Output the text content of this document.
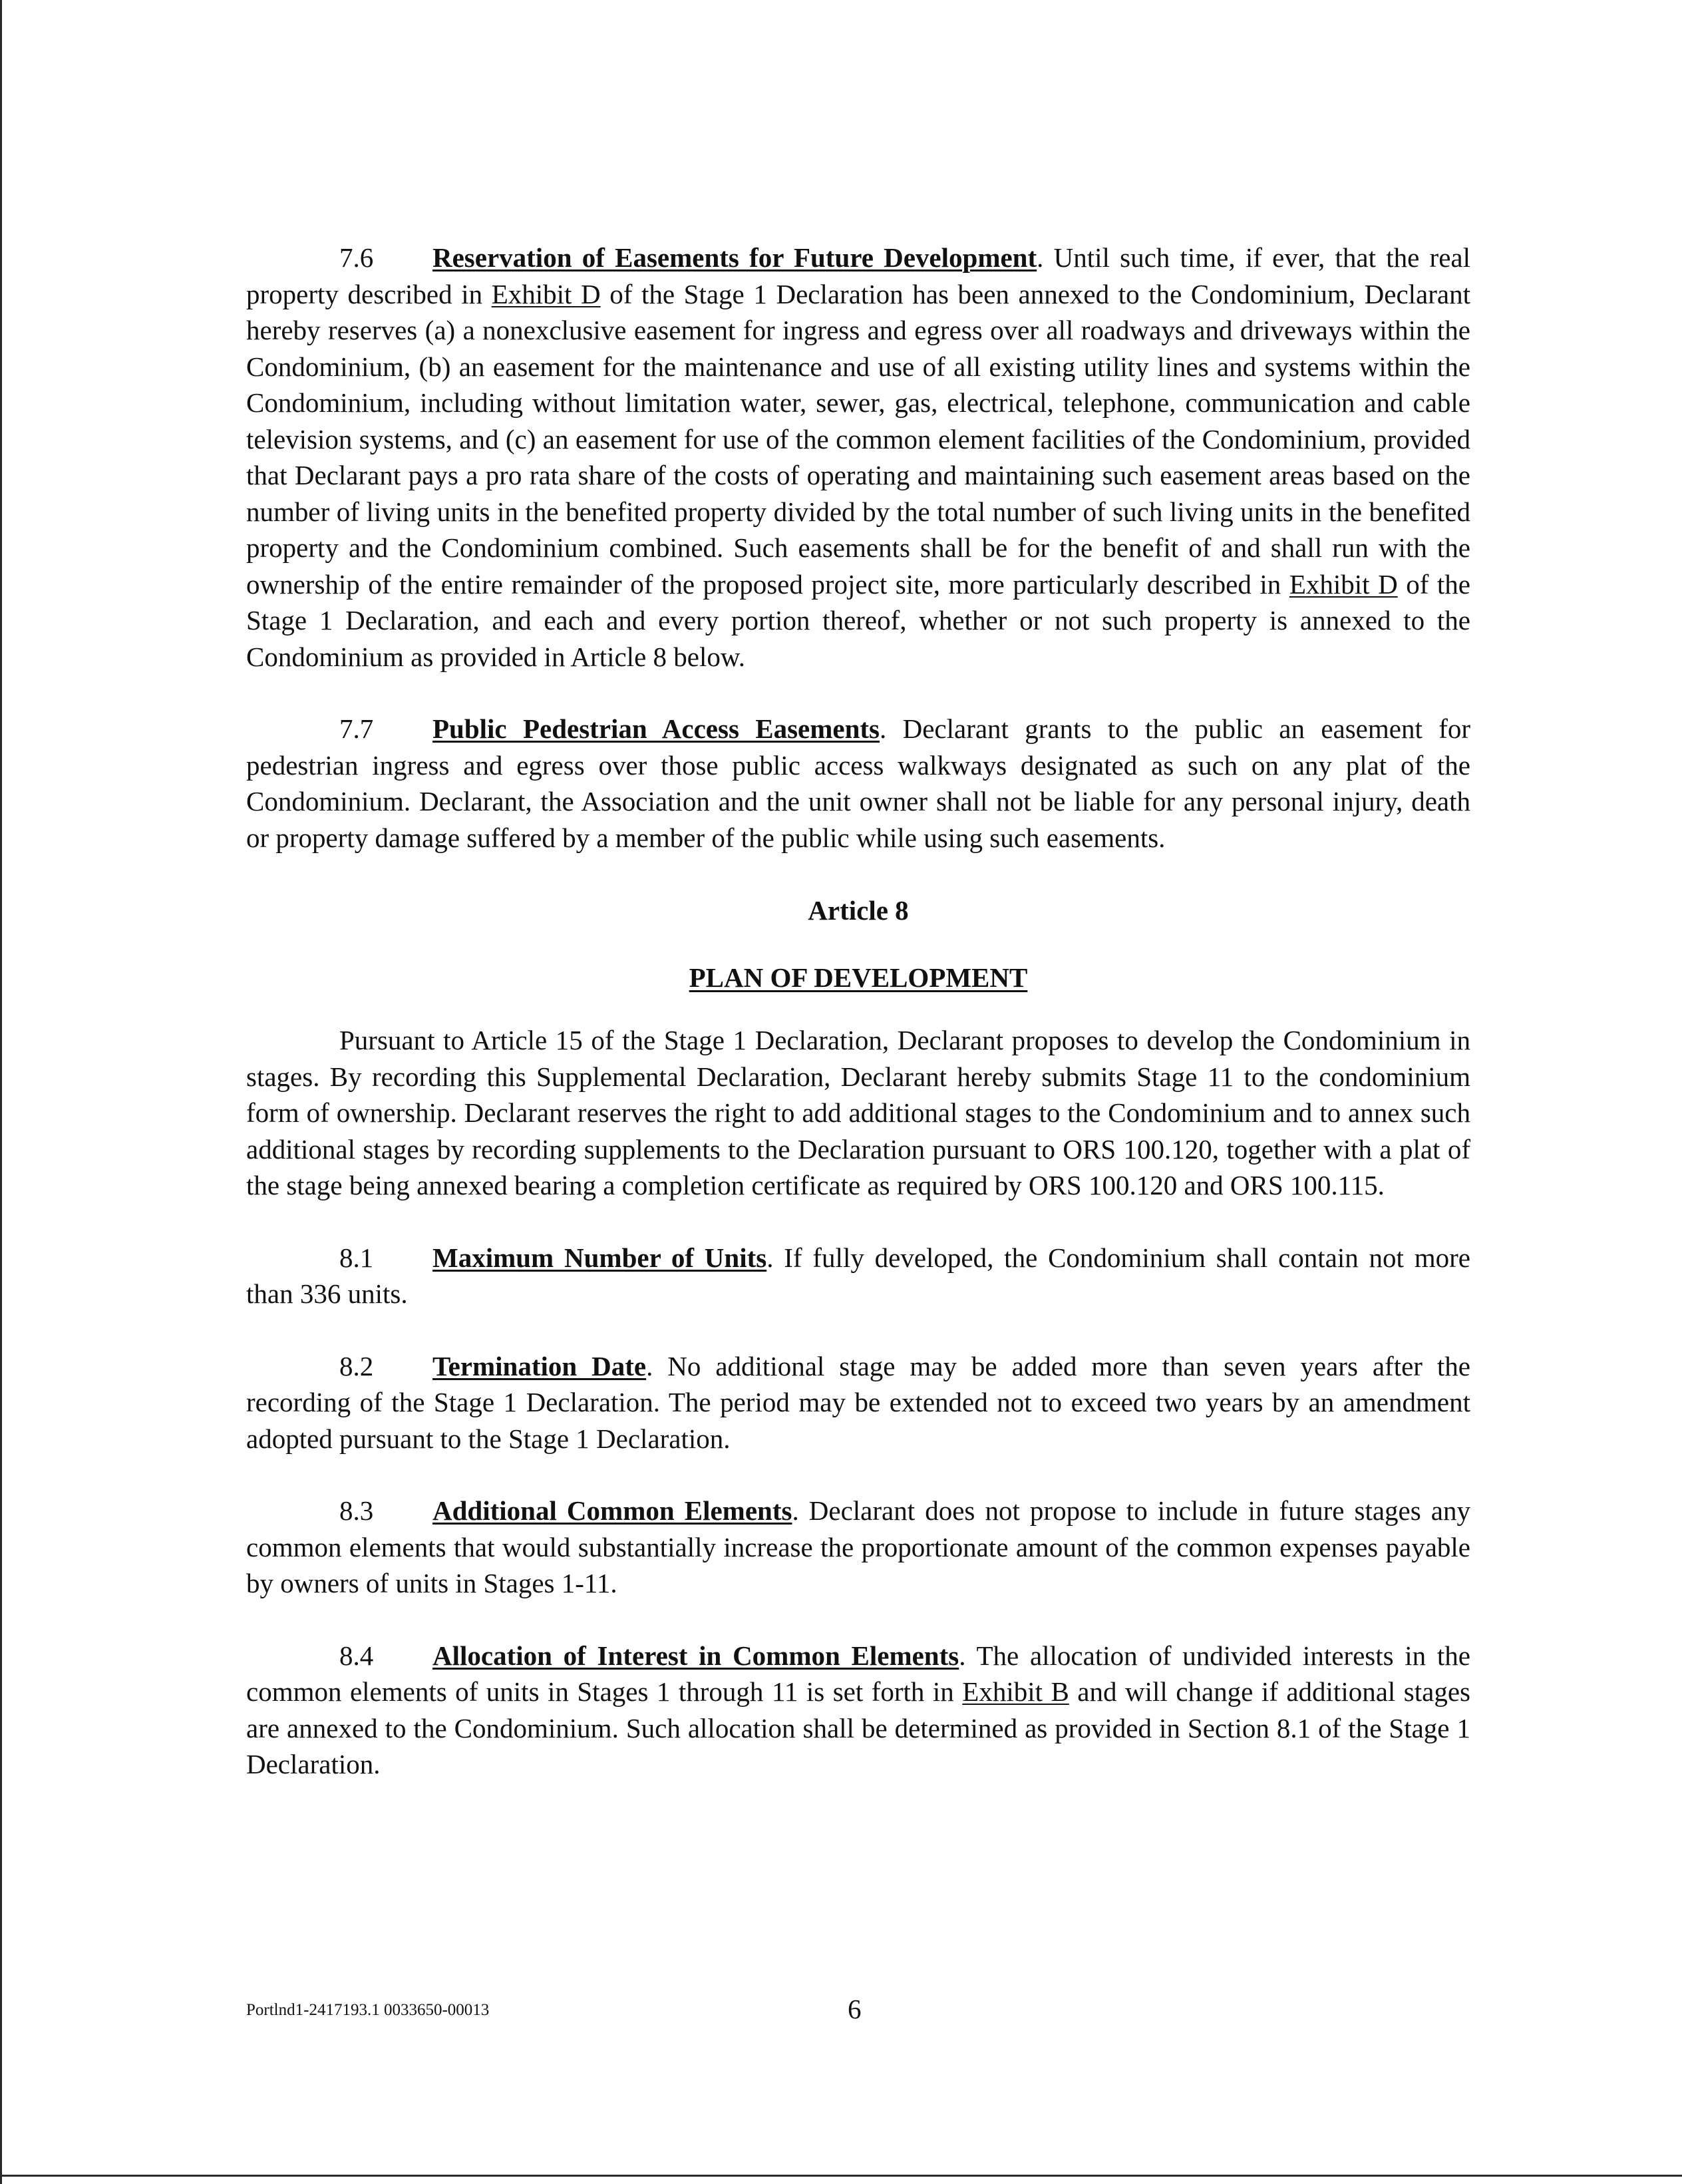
7.6 Reservation of Easements for Future Development. Until such time, if ever, that the real property described in Exhibit D of the Stage 1 Declaration has been annexed to the Condominium, Declarant hereby reserves (a) a nonexclusive easement for ingress and egress over all roadways and driveways within the Condominium, (b) an easement for the maintenance and use of all existing utility lines and systems within the Condominium, including without limitation water, sewer, gas, electrical, telephone, communication and cable television systems, and (c) an easement for use of the common element facilities of the Condominium, provided that Declarant pays a pro rata share of the costs of operating and maintaining such easement areas based on the number of living units in the benefited property divided by the total number of such living units in the benefited property and the Condominium combined. Such easements shall be for the benefit of and shall run with the ownership of the entire remainder of the proposed project site, more particularly described in Exhibit D of the Stage 1 Declaration, and each and every portion thereof, whether or not such property is annexed to the Condominium as provided in Article 8 below.

7.7 Public Pedestrian Access Easements. Declarant grants to the public an easement for pedestrian ingress and egress over those public access walkways designated as such on any plat of the Condominium. Declarant, the Association and the unit owner shall not be liable for any personal injury, death or property damage suffered by a member of the public while using such easements.

Article 8

PLAN OF DEVELOPMENT

Pursuant to Article 15 of the Stage 1 Declaration, Declarant proposes to develop the Condominium in stages. By recording this Supplemental Declaration, Declarant hereby submits Stage 11 to the condominium form of ownership. Declarant reserves the right to add additional stages to the Condominium and to annex such additional stages by recording supplements to the Declaration pursuant to ORS 100.120, together with a plat of the stage being annexed bearing a completion certificate as required by ORS 100.120 and ORS 100.115.

8.1 Maximum Number of Units. If fully developed, the Condominium shall contain not more than 336 units.

8.2 Termination Date. No additional stage may be added more than seven years after the recording of the Stage 1 Declaration. The period may be extended not to exceed two years by an amendment adopted pursuant to the Stage 1 Declaration.

8.3 Additional Common Elements. Declarant does not propose to include in future stages any common elements that would substantially increase the proportionate amount of the common expenses payable by owners of units in Stages 1-11.

8.4 Allocation of Interest in Common Elements. The allocation of undivided interests in the common elements of units in Stages 1 through 11 is set forth in Exhibit B and will change if additional stages are annexed to the Condominium. Such allocation shall be determined as provided in Section 8.1 of the Stage 1 Declaration.

Portlnd1-2417193.1 0033650-00013	6
